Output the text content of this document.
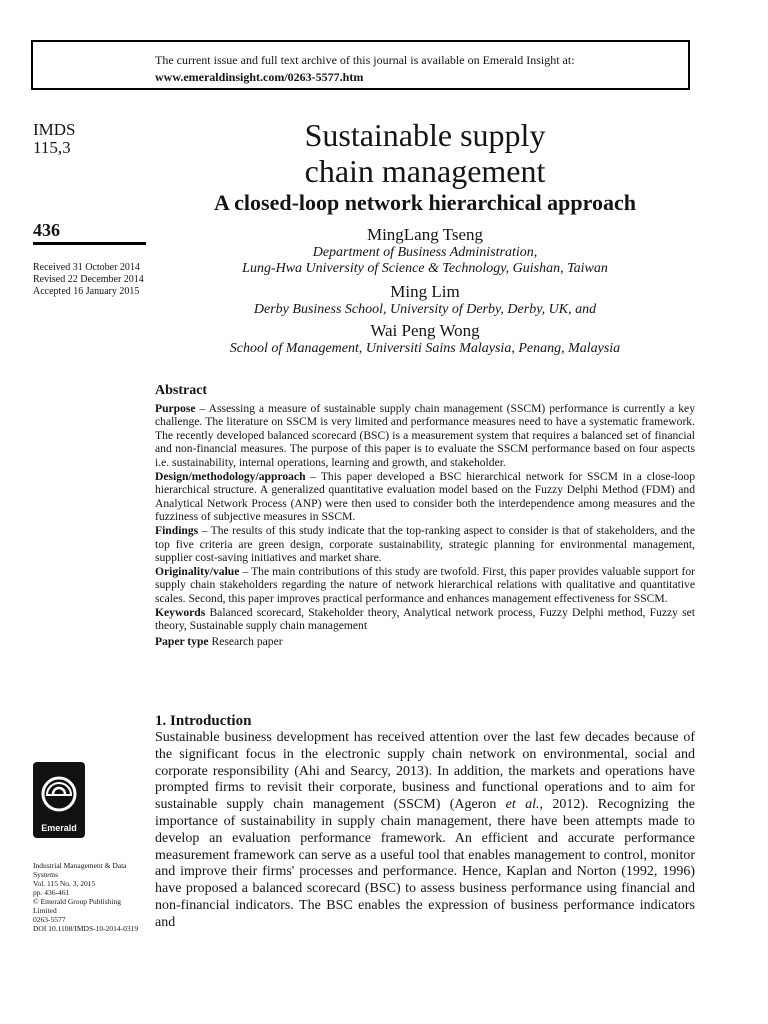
The current issue and full text archive of this journal is available on Emerald Insight at:
www.emeraldinsight.com/0263-5577.htm
IMDS
115,3
436
Received 31 October 2014
Revised 22 December 2014
Accepted 16 January 2015
Emerald
Industrial Management & Data
Systems
Vol. 115 No. 3, 2015
pp. 436-461
© Emerald Group Publishing Limited
0263-5577
DOI 10.1108/IMDS-10-2014-0319
Sustainable supply
chain management
A closed-loop network hierarchical approach
MingLang Tseng
Department of Business Administration,
Lung-Hwa University of Science & Technology, Guishan, Taiwan
Ming Lim
Derby Business School, University of Derby, Derby, UK, and
Wai Peng Wong
School of Management, Universiti Sains Malaysia, Penang, Malaysia
Abstract

Purpose – Assessing a measure of sustainable supply chain management (SSCM) performance is currently a key challenge. The literature on SSCM is very limited and performance measures need to have a systematic framework. The recently developed balanced scorecard (BSC) is a measurement system that requires a balanced set of financial and non-financial measures. The purpose of this paper is to evaluate the SSCM performance based on four aspects i.e. sustainability, internal operations, learning and growth, and stakeholder.

Design/methodology/approach – This paper developed a BSC hierarchical network for SSCM in a close-loop hierarchical structure. A generalized quantitative evaluation model based on the Fuzzy Delphi Method (FDM) and Analytical Network Process (ANP) were then used to consider both the interdependence among measures and the fuzziness of subjective measures in SSCM.

Findings – The results of this study indicate that the top-ranking aspect to consider is that of stakeholders, and the top five criteria are green design, corporate sustainability, strategic planning for environmental management, supplier cost-saving initiatives and market share.

Originality/value – The main contributions of this study are twofold. First, this paper provides valuable support for supply chain stakeholders regarding the nature of network hierarchical relations with qualitative and quantitative scales. Second, this paper improves practical performance and enhances management effectiveness for SSCM.

Keywords Balanced scorecard, Stakeholder theory, Analytical network process, Fuzzy Delphi method, Fuzzy set theory, Sustainable supply chain management

Paper type Research paper

1. Introduction

Sustainable business development has received attention over the last few decades because of the significant focus in the electronic supply chain network on environmental, social and corporate responsibility (Ahi and Searcy, 2013). In addition, the markets and operations have prompted firms to revisit their corporate, business and functional operations and to aim for sustainable supply chain management (SSCM) (Ageron et al., 2012). Recognizing the importance of sustainability in supply chain management, there have been attempts made to develop an evaluation performance framework. An efficient and accurate performance measurement framework can serve as a useful tool that enables management to control, monitor and improve their firms' processes and performance. Hence, Kaplan and Norton (1992, 1996) have proposed a balanced scorecard (BSC) to assess business performance using financial and non-financial indicators. The BSC enables the expression of business performance indicators and
